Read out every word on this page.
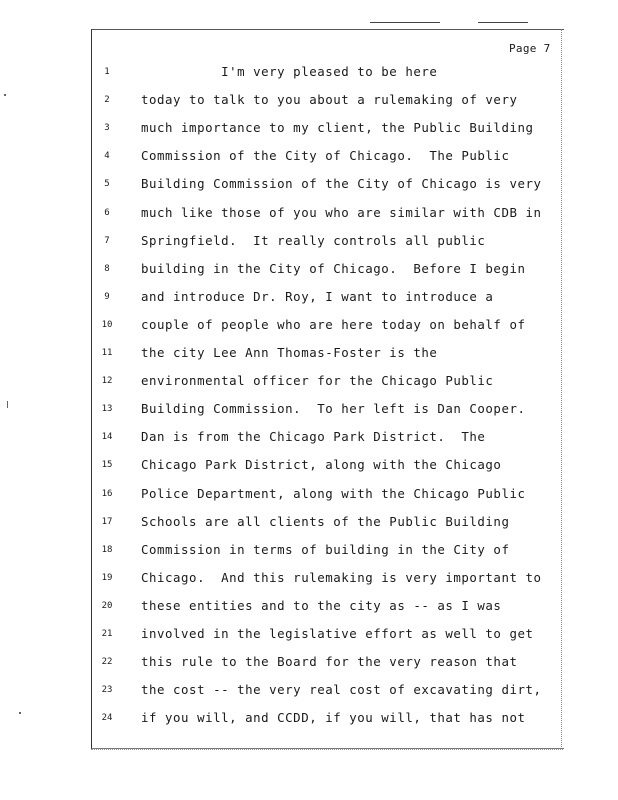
Page 7
1	I'm very pleased to be here
2	today to talk to you about a rulemaking of very
3	much importance to my client, the Public Building
4	Commission of the City of Chicago.  The Public
5	Building Commission of the City of Chicago is very
6	much like those of you who are similar with CDB in
7	Springfield.  It really controls all public
8	building in the City of Chicago.  Before I begin
9	and introduce Dr. Roy, I want to introduce a
10	couple of people who are here today on behalf of
11	the city Lee Ann Thomas-Foster is the
12	environmental officer for the Chicago Public
13	Building Commission.  To her left is Dan Cooper.
14	Dan is from the Chicago Park District.  The
15	Chicago Park District, along with the Chicago
16	Police Department, along with the Chicago Public
17	Schools are all clients of the Public Building
18	Commission in terms of building in the City of
19	Chicago.  And this rulemaking is very important to
20	these entities and to the city as -- as I was
21	involved in the legislative effort as well to get
22	this rule to the Board for the very reason that
23	the cost -- the very real cost of excavating dirt,
24	if you will, and CCDD, if you will, that has not
